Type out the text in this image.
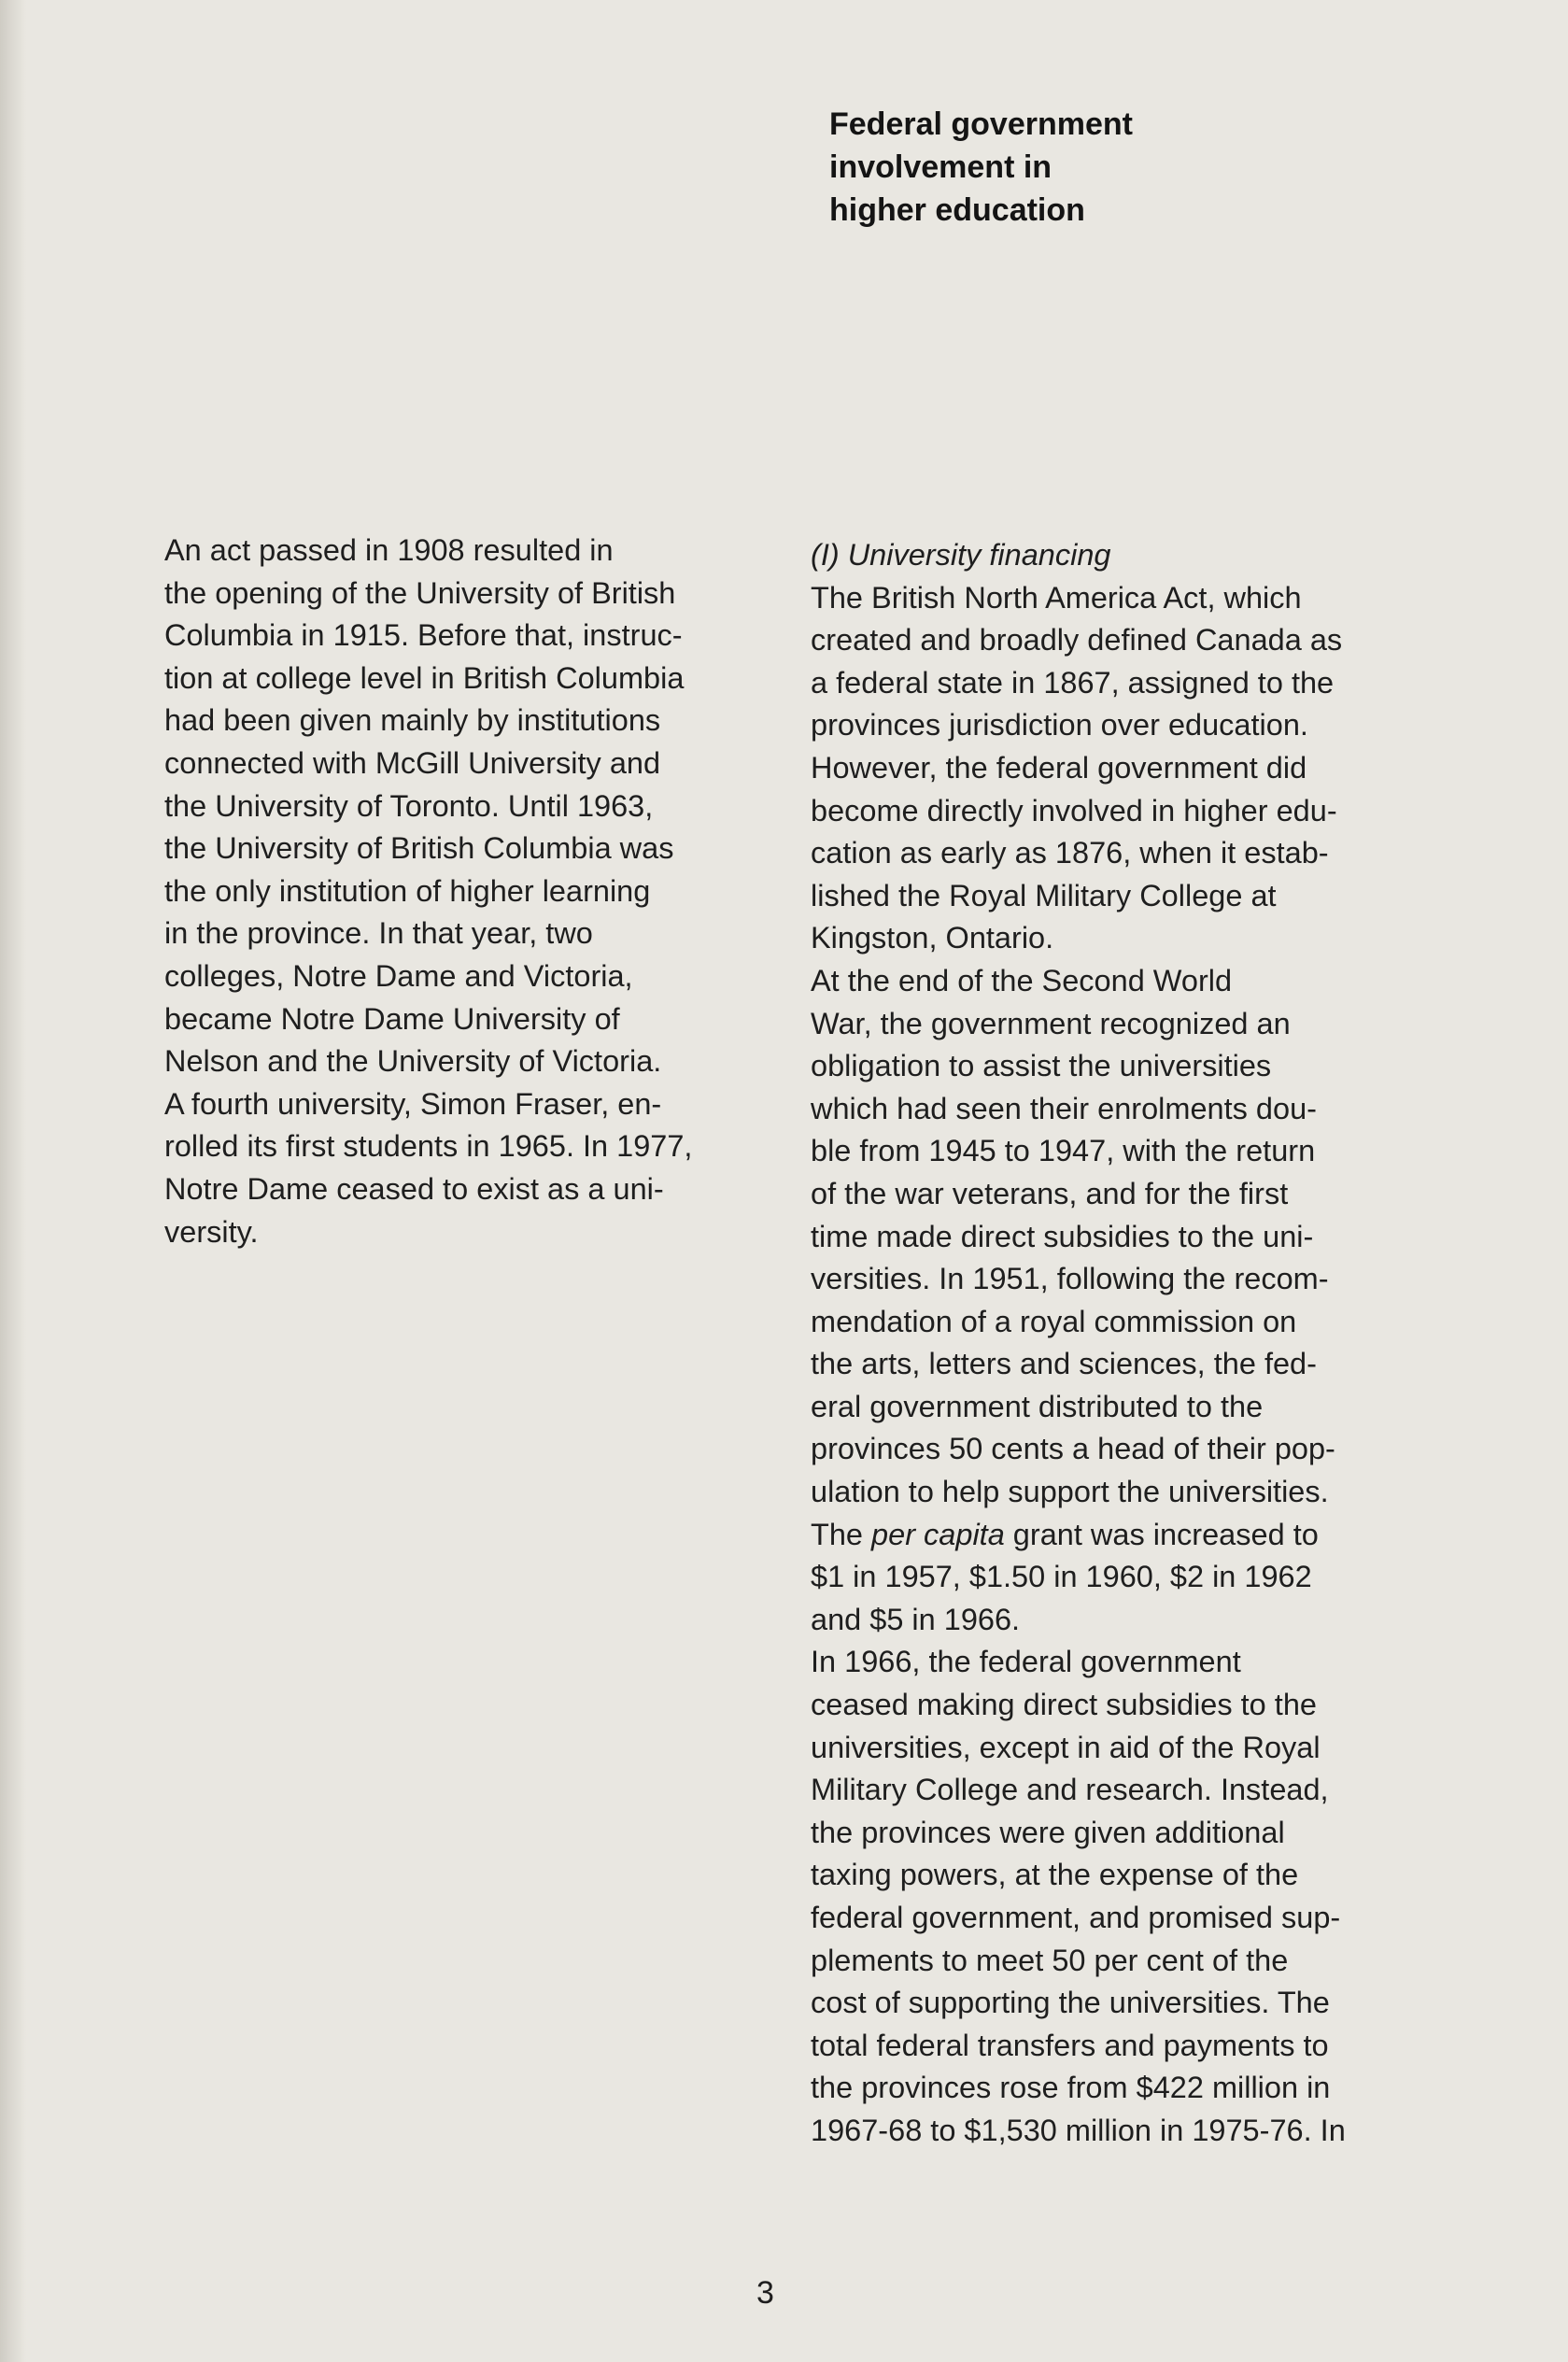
Federal government
involvement in
higher education

An act passed in 1908 resulted in
the opening of the University of British
Columbia in 1915. Before that, instruc-
tion at college level in British Columbia
had been given mainly by institutions
connected with McGill University and
the University of Toronto. Until 1963,
the University of British Columbia was
the only institution of higher learning
in the province. In that year, two
colleges, Notre Dame and Victoria,
became Notre Dame University of
Nelson and the University of Victoria.
A fourth university, Simon Fraser, en-
rolled its first students in 1965. In 1977,
Notre Dame ceased to exist as a uni-
versity.

(I) University financing

The British North America Act, which
created and broadly defined Canada as
a federal state in 1867, assigned to the
provinces jurisdiction over education.
However, the federal government did
become directly involved in higher edu-
cation as early as 1876, when it estab-
lished the Royal Military College at
Kingston, Ontario.

At the end of the Second World
War, the government recognized an
obligation to assist the universities
which had seen their enrolments dou-
ble from 1945 to 1947, with the return
of the war veterans, and for the first
time made direct subsidies to the uni-
versities. In 1951, following the recom-
mendation of a royal commission on
the arts, letters and sciences, the fed-
eral government distributed to the
provinces 50 cents a head of their pop-
ulation to help support the universities.

The per capita grant was increased to
$1 in 1957, $1.50 in 1960, $2 in 1962
and $5 in 1966.

In 1966, the federal government
ceased making direct subsidies to the
universities, except in aid of the Royal
Military College and research. Instead,
the provinces were given additional
taxing powers, at the expense of the
federal government, and promised sup-
plements to meet 50 per cent of the
cost of supporting the universities. The
total federal transfers and payments to
the provinces rose from $422 million in
1967-68 to $1,530 million in 1975-76. In

3
